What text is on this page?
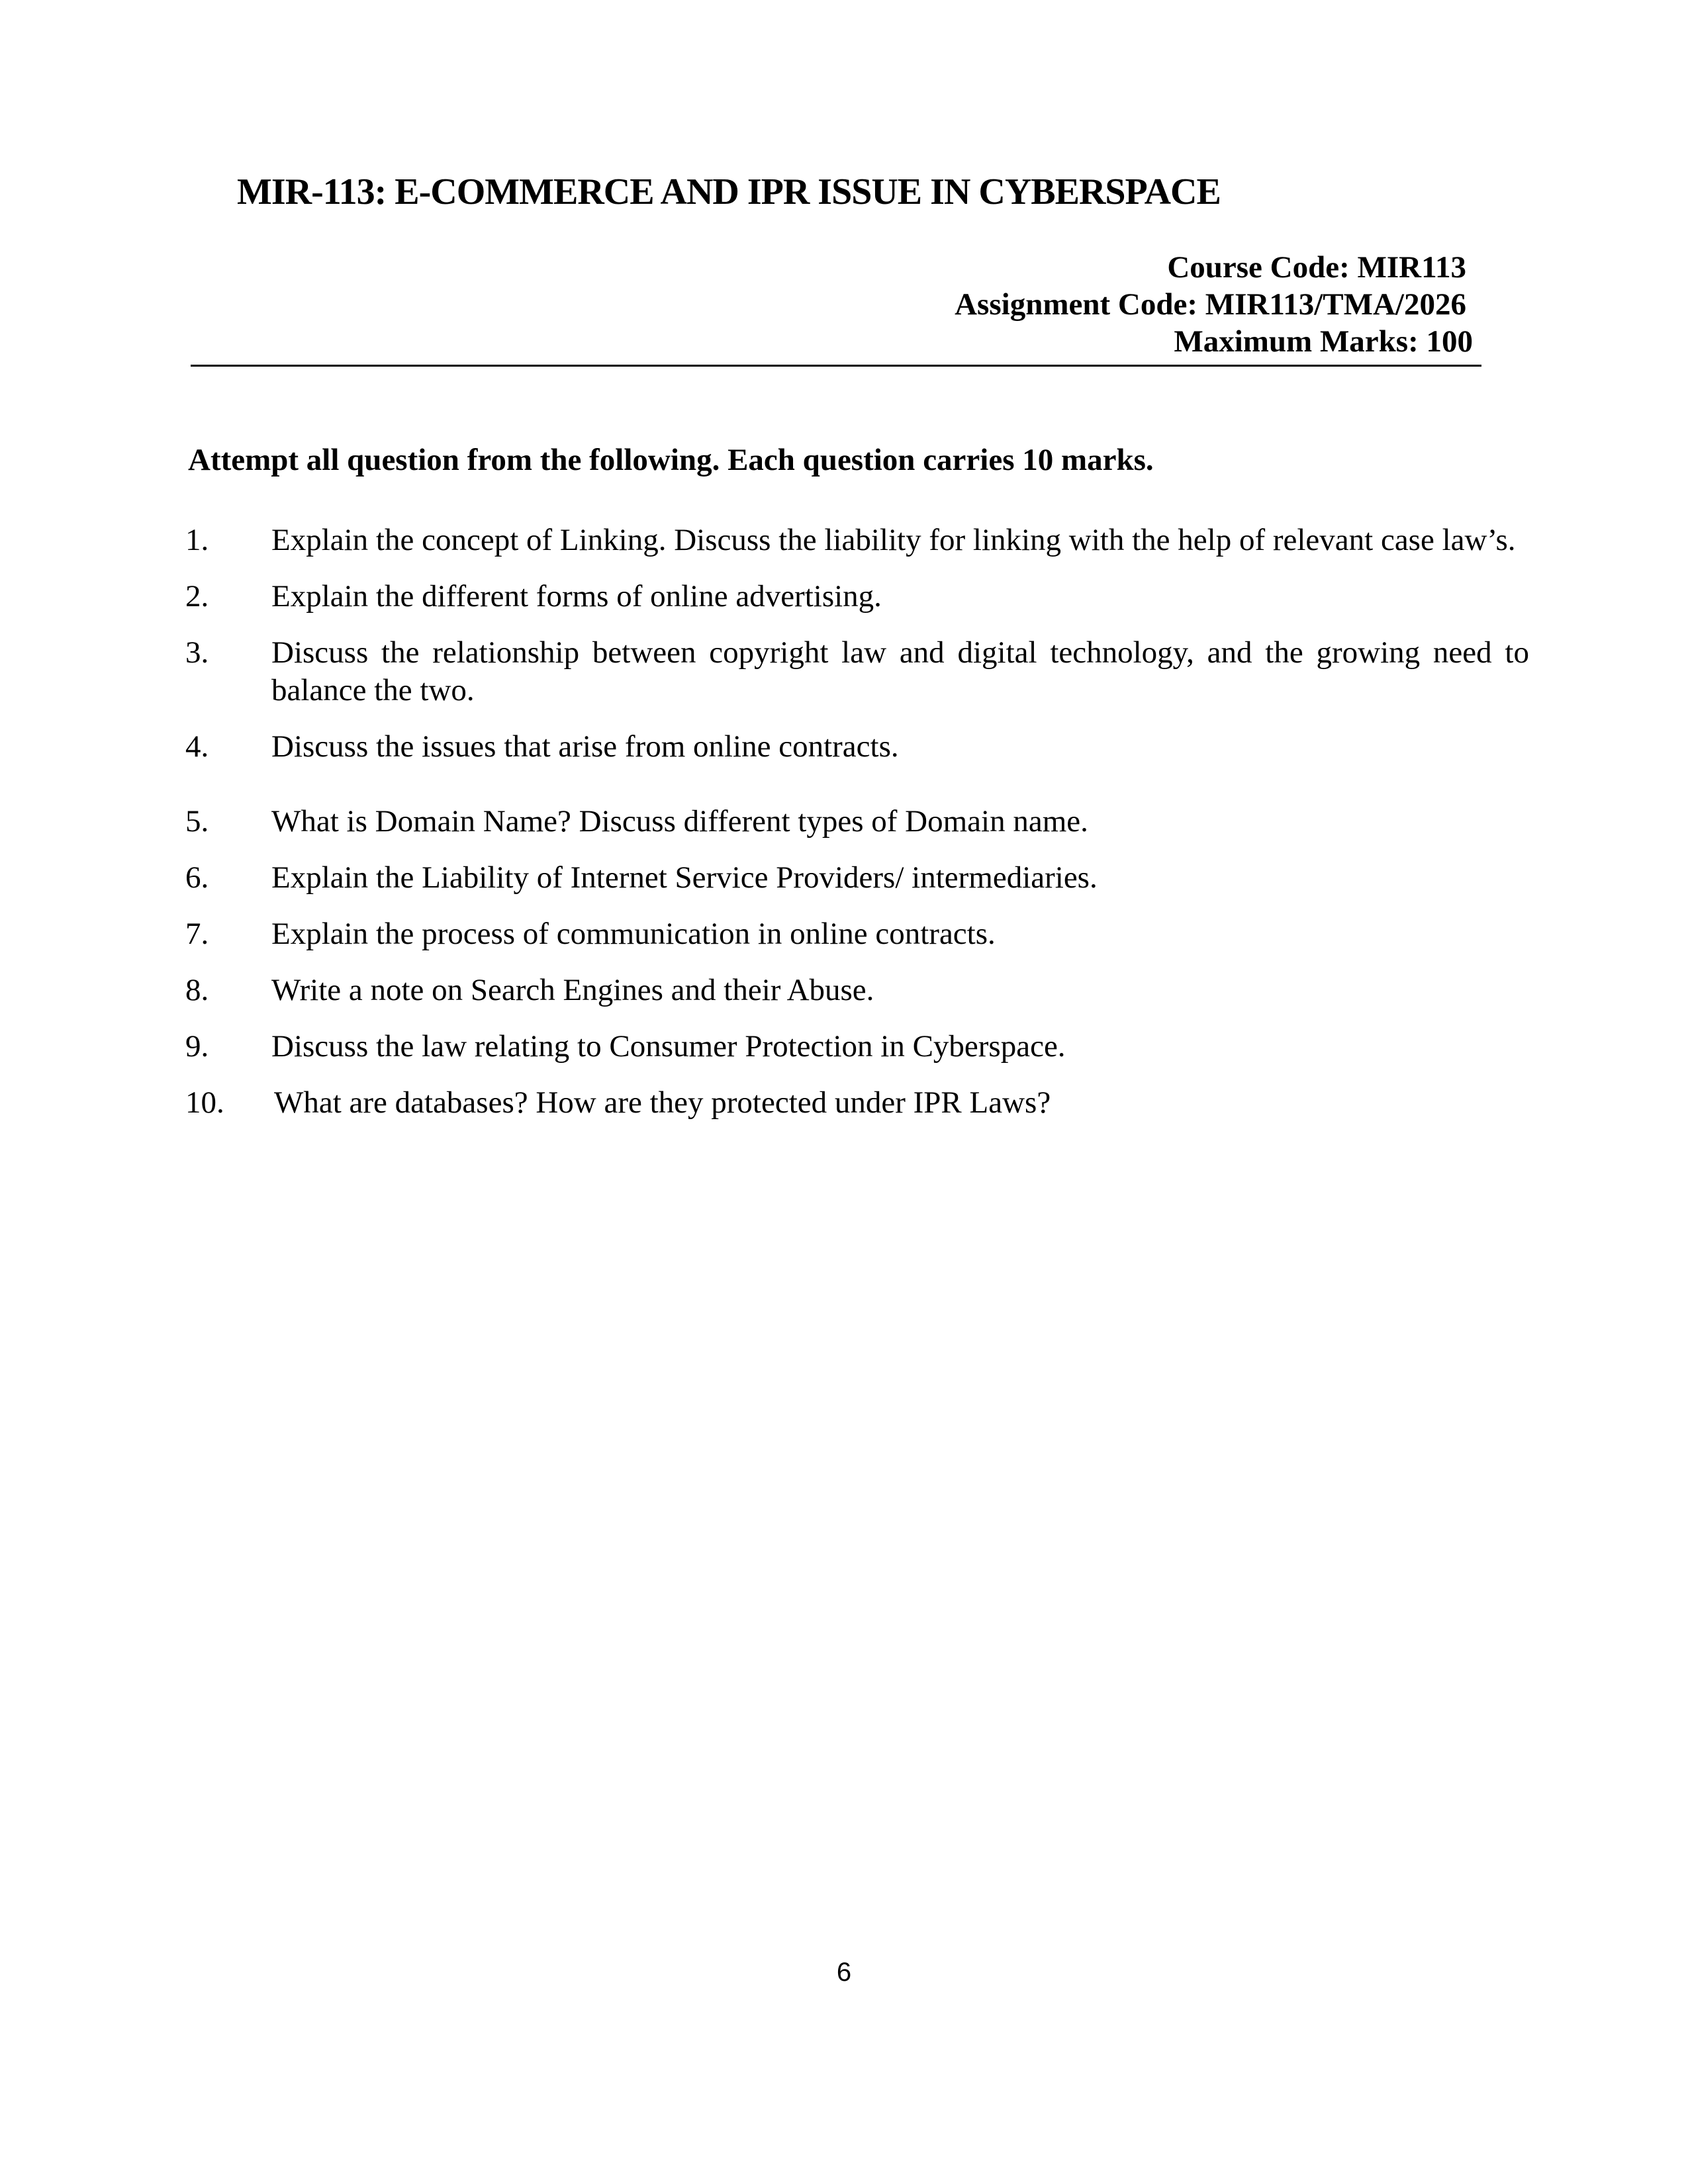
MIR-113: E-COMMERCE AND IPR ISSUE IN CYBERSPACE
Course Code: MIR113
Assignment Code: MIR113/TMA/2026
Maximum Marks: 100
Attempt all question from the following. Each question carries 10 marks.
1.	Explain the concept of Linking. Discuss the liability for linking with the help of relevant case law’s.
2.	Explain the different forms of online advertising.
3.	Discuss the relationship between copyright law and digital technology, and the growing need to balance the two.
4.	Discuss the issues that arise from online contracts.
5.	What is Domain Name? Discuss different types of Domain name.
6.	Explain the Liability of Internet Service Providers/ intermediaries.
7.	Explain the process of communication in online contracts.
8.	Write a note on Search Engines and their Abuse.
9.	Discuss the law relating to Consumer Protection in Cyberspace.
10.	What are databases? How are they protected under IPR Laws?
6
